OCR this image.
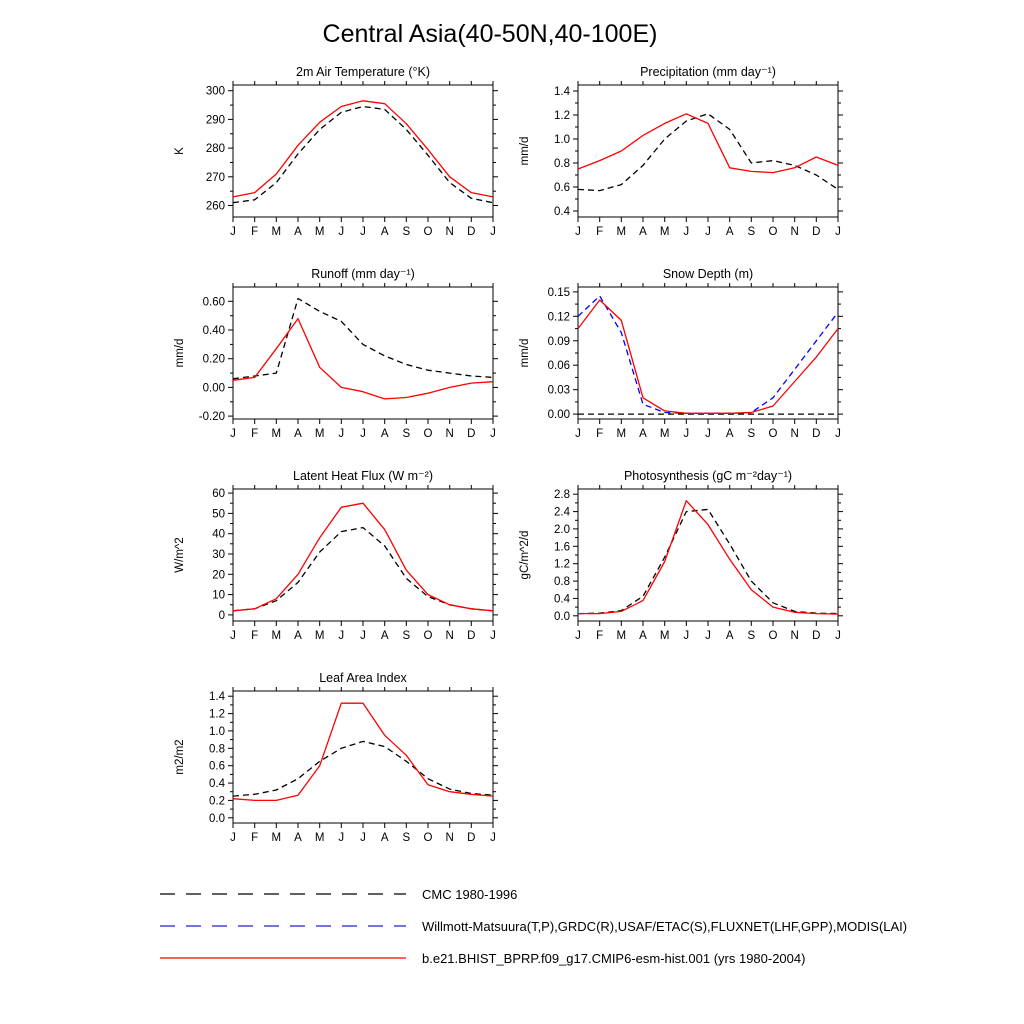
Central Asia(40-50N,40-100E)
2m Air Temperature (°K)
K
260
270
280
290
300
J F M A M J J A S O N D J
Precipitation (mm day⁻¹)
mm/d
0.4
0.6
0.8
1.0
1.2
1.4
J F M A M J J A S O N D J
Runoff (mm day⁻¹)
mm/d
-0.20
0.00
0.20
0.40
0.60
J F M A M J J A S O N D J
Snow Depth (m)
mm/d
0.00
0.03
0.06
0.09
0.12
0.15
J F M A M J J A S O N D J
Latent Heat Flux (W m⁻²)
W/m^2
0
10
20
30
40
50
60
J F M A M J J A S O N D J
Photosynthesis (gC m⁻²day⁻¹)
gC/m^2/d
0.0
0.4
0.8
1.2
1.6
2.0
2.4
2.8
J F M A M J J A S O N D J
Leaf Area Index
m2/m2
0.0
0.2
0.4
0.6
0.8
1.0
1.2
1.4
J F M A M J J A S O N D J
CMC 1980-1996
Willmott-Matsuura(T,P),GRDC(R),USAF/ETAC(S),FLUXNET(LHF,GPP),MODIS(LAI)
b.e21.BHIST_BPRP.f09_g17.CMIP6-esm-hist.001 (yrs 1980-2004)
